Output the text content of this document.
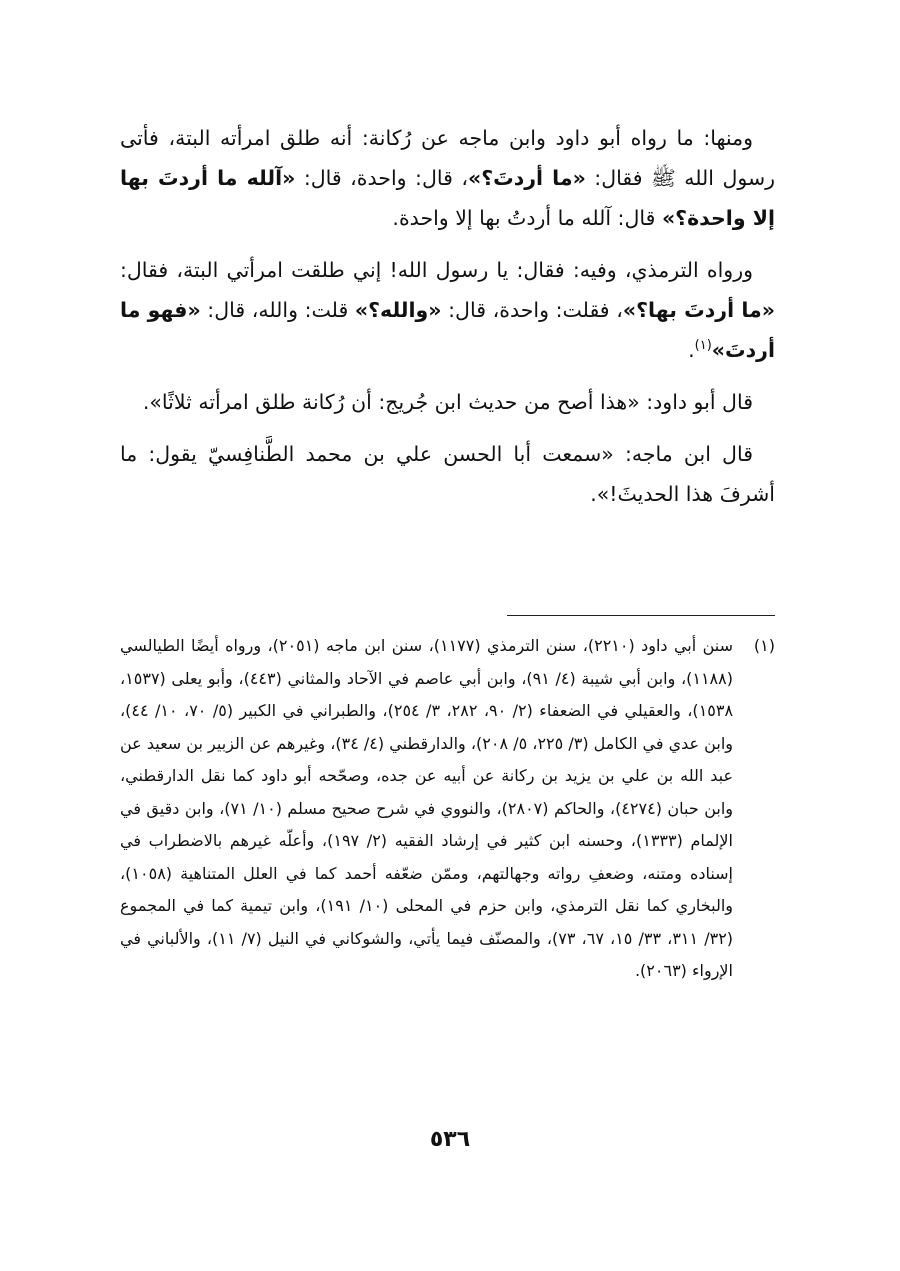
ومنها: ما رواه أبو داود وابن ماجه عن رُكانة: أنه طلق امرأته البتة، فأتى رسول الله ﷺ فقال: «ما أردتَ؟»، قال: واحدة، قال: «آلله ما أردتَ بها إلا واحدة؟» قال: آلله ما أردتُ بها إلا واحدة.

ورواه الترمذي، وفيه: فقال: يا رسول الله! إني طلقت امرأتي البتة، فقال: «ما أردتَ بها؟»، فقلت: واحدة، قال: «والله؟» قلت: والله، قال: «فهو ما أردتَ»$^{(١)}$.

قال أبو داود: «هذا أصح من حديث ابن جُريج: أن رُكانة طلق امرأته ثلاثًا».

قال ابن ماجه: «سمعت أبا الحسن علي بن محمد الطَّنافِسيّ يقول: ما أشرفَ هذا الحديثَ!».

(١)
سنن أبي داود (٢٢١٠)، سنن الترمذي (١١٧٧)، سنن ابن ماجه (٢٠٥١)، ورواه أيضًا الطيالسي (١١٨٨)، وابن أبي شيبة (٤/ ٩١)، وابن أبي عاصم في الآحاد والمثاني (٤٤٣)، وأبو يعلى (١٥٣٧، ١٥٣٨)، والعقيلي في الضعفاء (٢/ ٩٠، ٢٨٢، ٣/ ٢٥٤)، والطبراني في الكبير (٥/ ٧٠، ١٠/ ٤٤)، وابن عدي في الكامل (٣/ ٢٢٥، ٥/ ٢٠٨)، والدارقطني (٤/ ٣٤)، وغيرهم عن الزبير بن سعيد عن عبد الله بن علي بن يزيد بن ركانة عن أبيه عن جده، وصحّحه أبو داود كما نقل الدارقطني، وابن حبان (٤٢٧٤)، والحاكم (٢٨٠٧)، والنووي في شرح صحيح مسلم (١٠/ ٧١)، وابن دقيق في الإلمام (١٣٣٣)، وحسنه ابن كثير في إرشاد الفقيه (٢/ ١٩٧)، وأعلّه غيرهم بالاضطراب في إسناده ومتنه، وضعفِ رواته وجهالتهم، وممّن ضعّفه أحمد كما في العلل المتناهية (١٠٥٨)، والبخاري كما نقل الترمذي، وابن حزم في المحلى (١٠/ ١٩١)، وابن تيمية كما في المجموع (٣٢/ ٣١١، ٣٣/ ١٥، ٦٧، ٧٣)، والمصنّف فيما يأتي، والشوكاني في النيل (٧/ ١١)، والألباني في الإرواء (٢٠٦٣).
٥٣٦
